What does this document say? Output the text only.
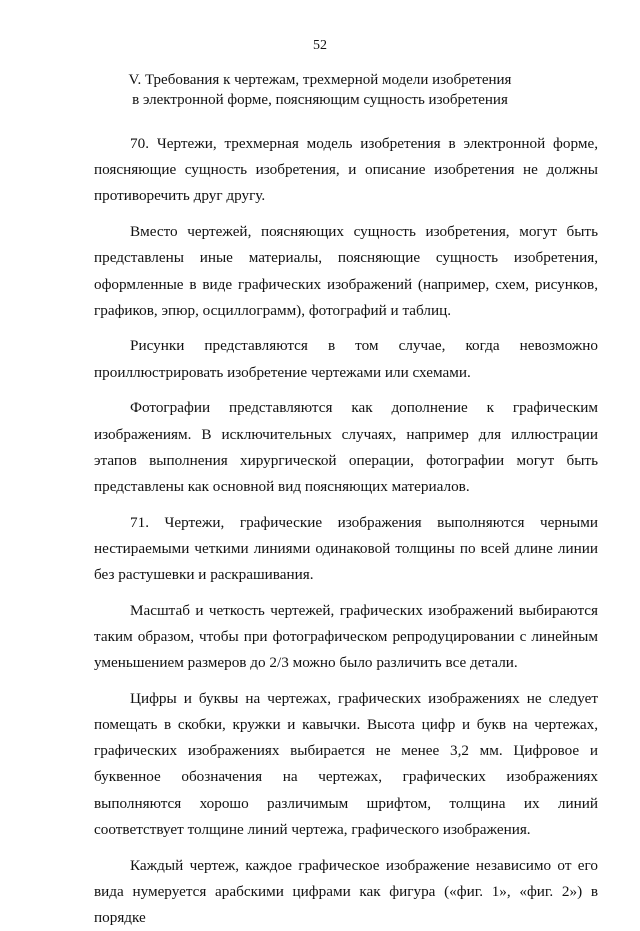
52
V. Требования к чертежам, трехмерной модели изобретения
в электронной форме, поясняющим сущность изобретения

70. Чертежи, трехмерная модель изобретения в электронной форме, поясняющие сущность изобретения, и описание изобретения не должны противоречить друг другу.

Вместо чертежей, поясняющих сущность изобретения, могут быть представлены иные материалы, поясняющие сущность изобретения, оформленные в виде графических изображений (например, схем, рисунков, графиков, эпюр, осциллограмм), фотографий и таблиц.

Рисунки представляются в том случае, когда невозможно проиллюстрировать изобретение чертежами или схемами.

Фотографии представляются как дополнение к графическим изображениям. В исключительных случаях, например для иллюстрации этапов выполнения хирургической операции, фотографии могут быть представлены как основной вид поясняющих материалов.

71. Чертежи, графические изображения выполняются черными нестираемыми четкими линиями одинаковой толщины по всей длине линии без растушевки и раскрашивания.

Масштаб и четкость чертежей, графических изображений выбираются таким образом, чтобы при фотографическом репродуцировании с линейным уменьшением размеров до 2/3 можно было различить все детали.

Цифры и буквы на чертежах, графических изображениях не следует помещать в скобки, кружки и кавычки. Высота цифр и букв на чертежах, графических изображениях выбирается не менее 3,2 мм. Цифровое и буквенное обозначения на чертежах, графических изображениях выполняются хорошо различимым шрифтом, толщина их линий соответствует толщине линий чертежа, графического изображения.

Каждый чертеж, каждое графическое изображение независимо от его вида нумеруется арабскими цифрами как фигура («фиг. 1», «фиг. 2») в порядке
